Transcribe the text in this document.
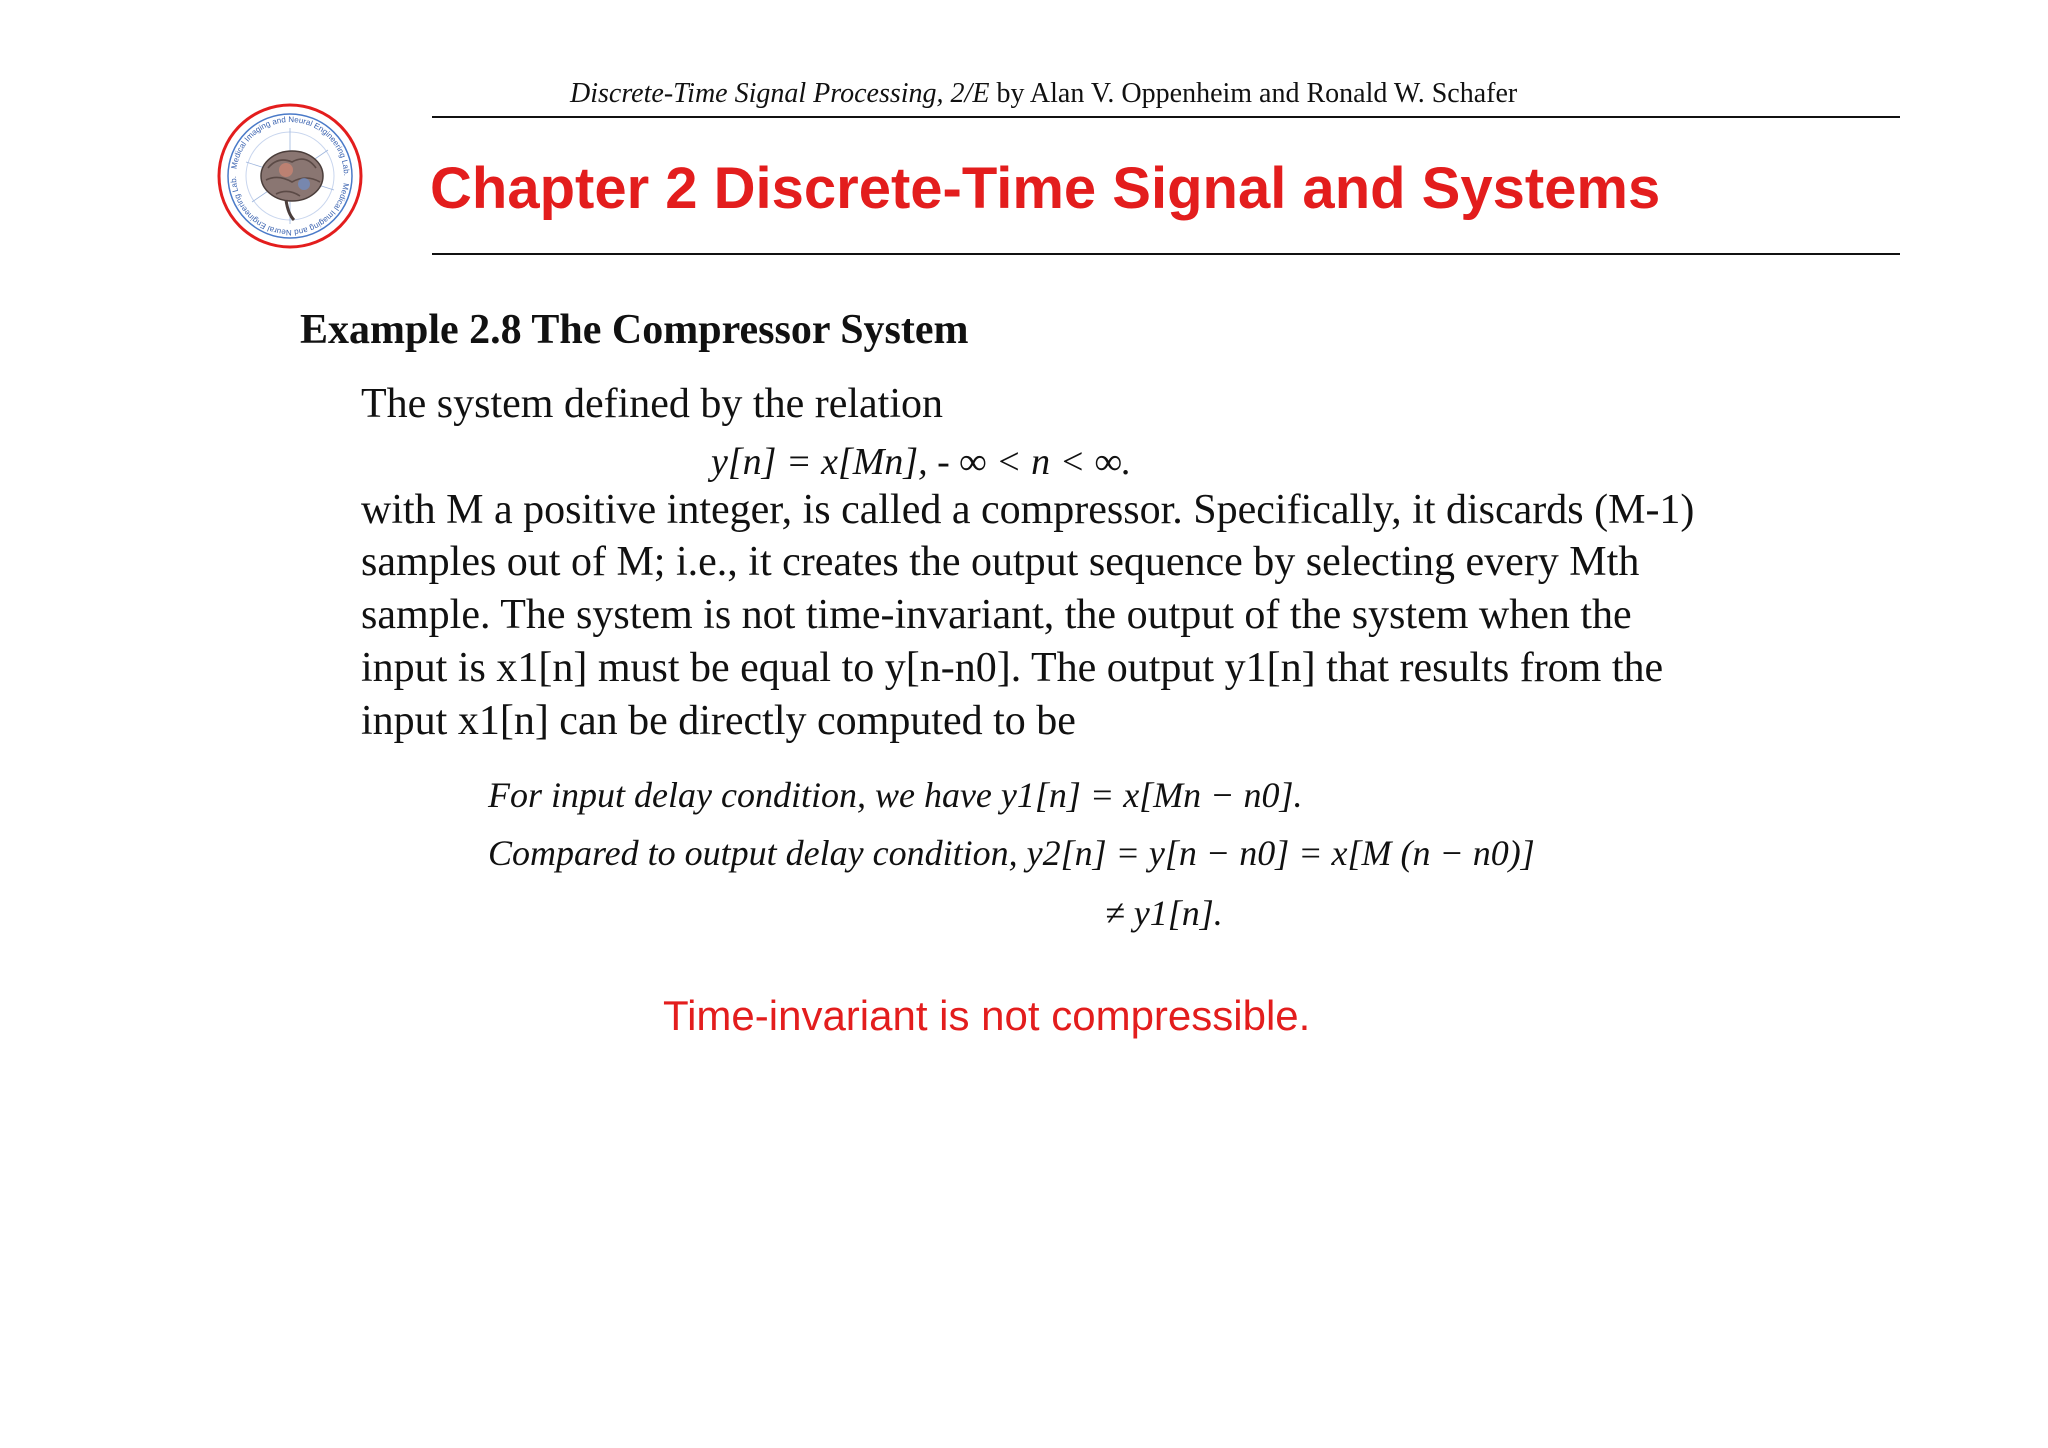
Discrete-Time Signal Processing, 2/E by Alan V. Oppenheim and Ronald W. Schafer
Medical Imaging and Neural Engineering Lab.
Medical Imaging and Neural Engineering Lab.	Chapter 2 Discrete-Time Signal and Systems
Example 2.8 The Compressor System
The system defined by the relation
y[n] = x[Mn], - ∞ < n < ∞.
with M a positive integer, is called a compressor. Specifically, it discards (M-1)
samples out of M; i.e., it creates the output sequence by selecting every Mth
sample. The system is not time-invariant, the output of the system when the
input is x1[n] must be equal to y[n-n0]. The output y1[n] that results from the
input x1[n] can be directly computed to be
For input delay condition, we have y1[n] = x[Mn − n0].
Compared to output delay condition, y2[n] = y[n − n0] = x[M (n − n0)]
≠ y1[n].
Time-invariant is not compressible.
